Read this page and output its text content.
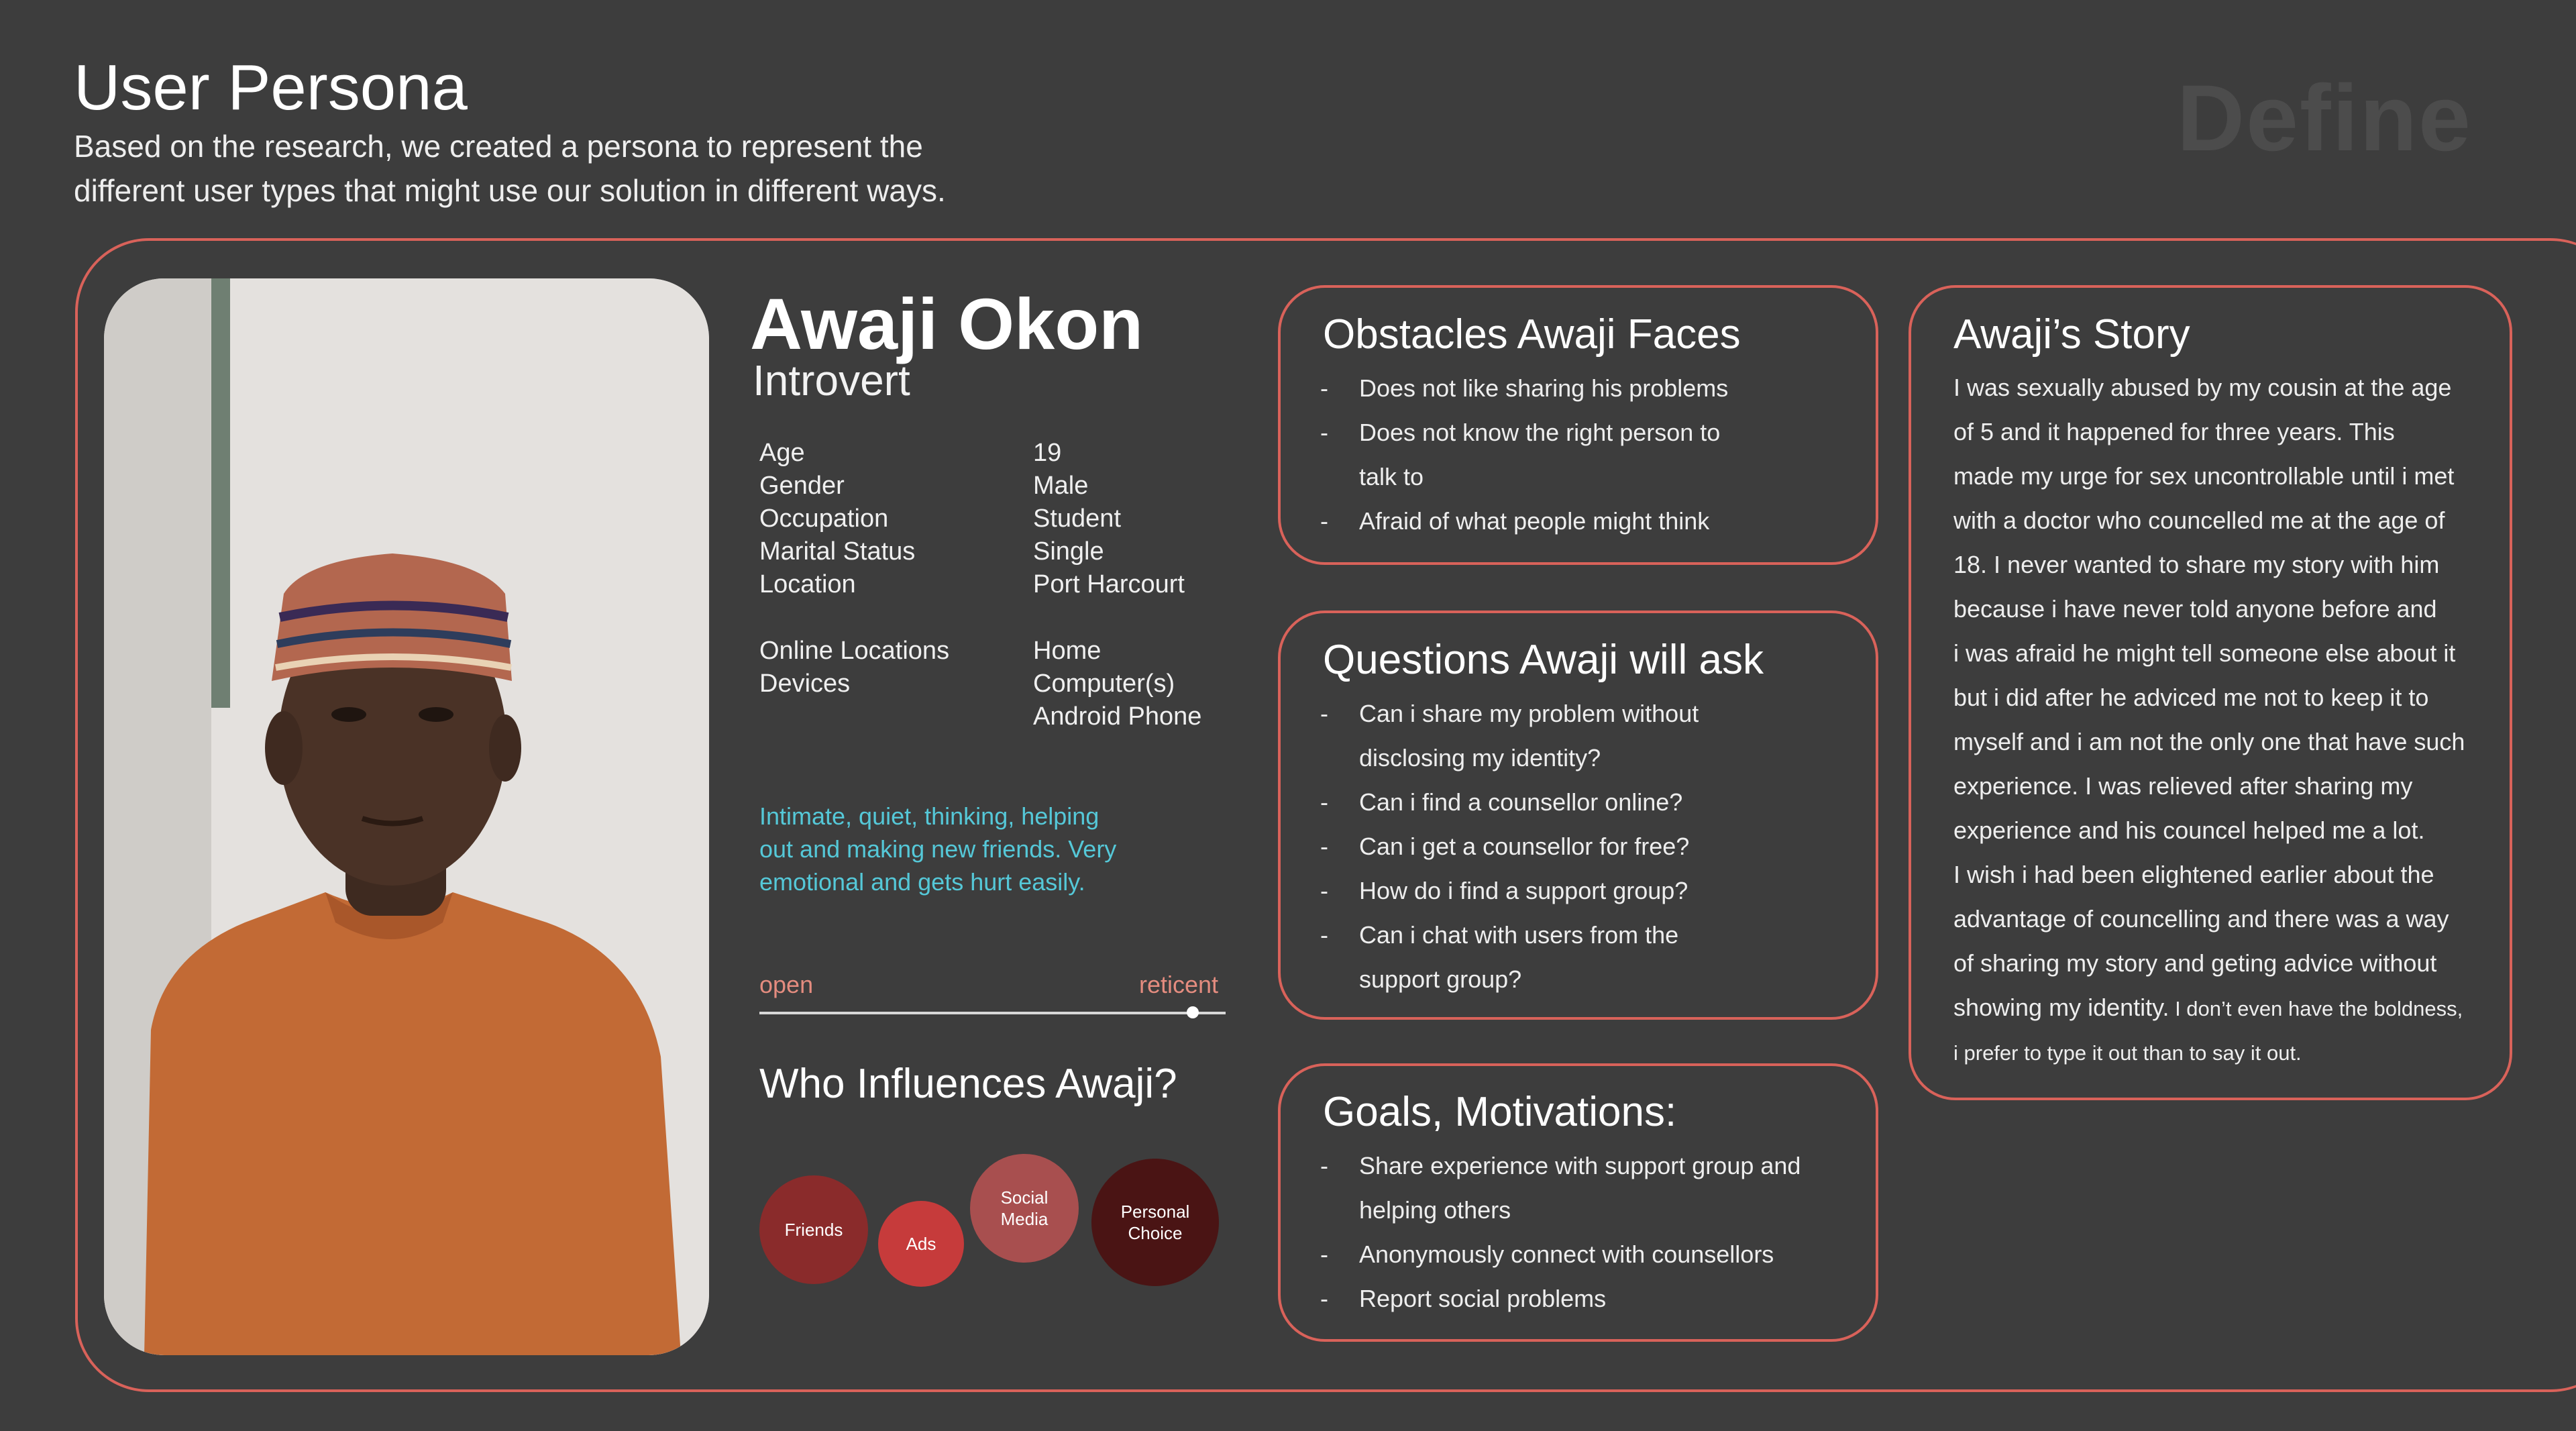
User Persona
Based on the research, we created a persona to represent the
different user types that might use our solution in different ways.
Define
Awaji Okon
Introvert
Age	19
Gender	Male
Occupation	Student
Marital Status	Single
Location	Port Harcourt
Online Locations	Home
Devices	Computer(s)
Android Phone
Intimate, quiet, thinking, helping
out and making new friends. Very
emotional and gets hurt easily.
open	reticent
Who Influences Awaji?
Friends
Ads
Social
Media	Personal
Choice
Obstacles Awaji Faces
- Does not like sharing his problems
- Does not know the right person to
talk to
- Afraid of what people might think
Questions Awaji will ask
- Can i share my problem without
disclosing my identity?
- Can i find a counsellor online?
- Can i get a counsellor for free?
- How do i find a support group?
- Can i chat with users from the
support group?
Goals, Motivations:
- Share experience with support group and
helping others
- Anonymously connect with counsellors
- Report social problems
Awaji’s Story
I was sexually abused by my cousin at the age
of 5 and it happened for three years. This
made my urge for sex uncontrollable until i met
with a doctor who councelled me at the age of
18. I never wanted to share my story with him
because i have never told anyone before and
i was afraid he might tell someone else about it
but i did after he adviced me not to keep it to
myself and i am not the only one that have such
experience. I was relieved after sharing my
experience and his councel helped me a lot.
I wish i had been elightened earlier about the
advantage of councelling and there was a way
of sharing my story and geting advice without
showing my identity. I don’t even have the boldness,
i prefer to type it out than to say it out.
